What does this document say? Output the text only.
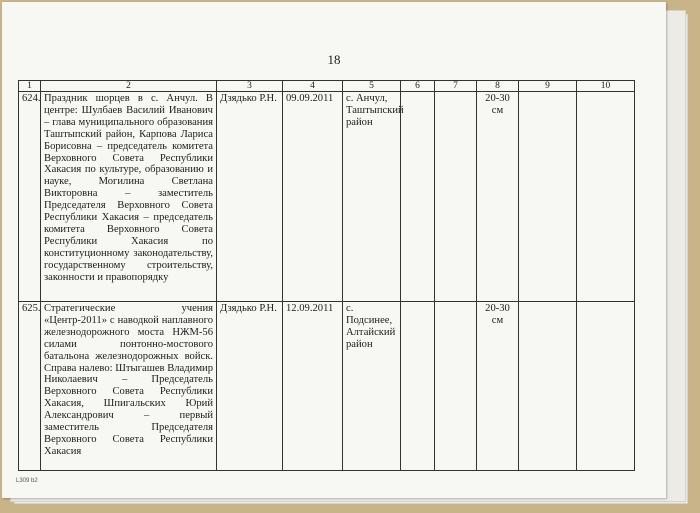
18
1	2	3	4	5	6	7	8	9	10
624.	Праздник шорцев в с. Анчул. В центре: Шулбаев Василий Иванович – глава муниципального образования Таштыпский район, Карпова Лариса Борисовна – председатель комитета Верховного Совета Республики Хакасия по культуре, образованию и науке, Могилина Светлана Викторовна – заместитель Председателя Верховного Совета Республики Хакасия – председатель комитета Верховного Совета Республики Хакасия по конституционному законодательству, государственному строительству, законности и правопорядку	Дзядько Р.Н.	09.09.2011	с. Анчул, Таштыпский район			20-30 см		
625.	Стратегические учения «Центр-2011» с наводкой наплавного железнодорожного моста НЖМ-56 силами понтонно-мостового батальона железнодорожных войск. Справа налево: Штыгашев Владимир Николаевич – Председатель Верховного Совета Республики Хакасия, Шпигальских Юрий Александрович – первый заместитель Председателя Верховного Совета Республики Хакасия	Дзядько Р.Н.	12.09.2011	с. Подсинее, Алтайский район			20-30 см		
L309 b2
